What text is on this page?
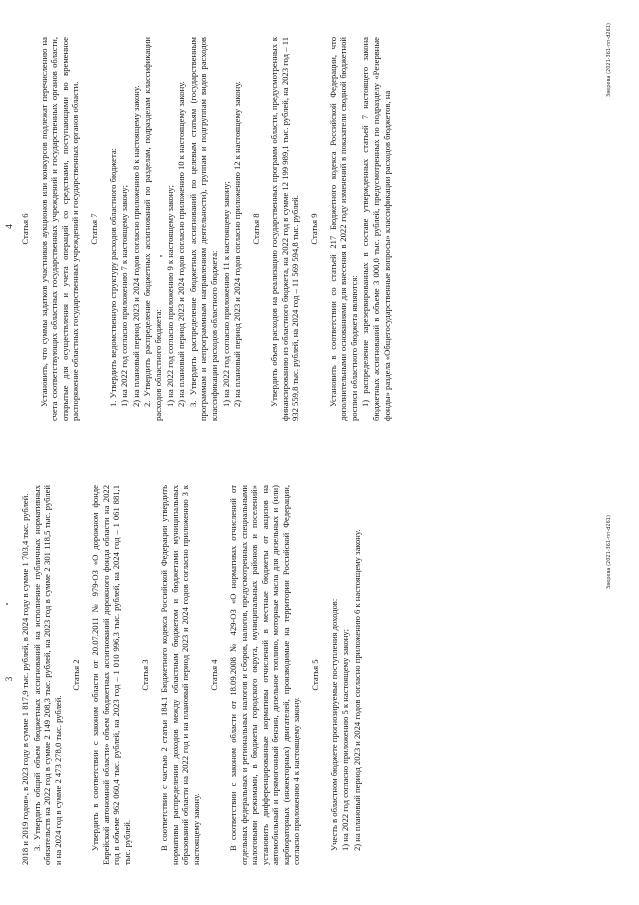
3 2018 и 2019 годов», в 2023 году в сумме 1 817,9 тыс. рублей, в 2024 году в сумме 1 703,4 тыс. рублей. 3. Утвердить общий объем бюджетных ассигнований на исполнение публичных нормативных обязательств на 2022 год в сумме 2 149 208,3 тыс. рублей, на 2023 год в сумме 2 301 118,5 тыс. рублей и на 2024 год в сумме 2 473 278,0 тыс. рублей.

Статья 2 Утвердить в соответствии с законом области от 20.07.2011 № 979-ОЗ «О дорожном фонде Еврейской автономной области» объем бюджетных ассигнований дорожного фонда области на 2022 год в объеме 962 060,4 тыс. рублей, на 2023 год – 1 010 996,3 тыс. рублей, на 2024 год – 1 061 881,1 тыс. рублей.

Статья 3 В соответствии с частью 2 статьи 184.1 Бюджетного кодекса Российской Федерации утвердить нормативы распределения доходов между областным бюджетом и бюджетами муниципальных образований области на 2022 год и на плановый период 2023 и 2024 годов согласно приложению 3 к настоящему закону.

Статья 4 В соответствии с законом области от 18.09.2008 № 429-ОЗ «О нормативах отчислений от отдельных федеральных и региональных налогов и сборов, налогов, предусмотренных специальными налоговыми режимами, в бюджеты городского округа, муниципальных районов и поселений» установить дифференцированные нормативы отчислений в местные бюджеты от акцизов на автомобильный и прямогонный бензин, дизельное топливо, моторные масла для дизельных и (или) карбюраторных (инжекторных) двигателей, производимые на территории Российской Федерации, согласно приложению 4 к настоящему закону.

Статья 5 Учесть в областном бюджете прогнозируемые поступления доходов: 1) на 2022 год согласно приложению 5 к настоящему закону; 2) на плановый период 2023 и 2024 годов согласно приложению 6 к настоящему закону.	Зверева (2021-361-пп-d261)
4 Статья 6 Установить, что суммы задатков участников аукционов или конкурсов подлежат перечислению на счета соответствующих областных государственных учреждений и государственных органов области, открытые для осуществления и учета операций со средствами, поступающими во временное распоряжение областных государственных учреждений и государственных органов области. Статья 7 1. Утвердить ведомственную структуру расходов областного бюджета: 1) на 2022 год согласно приложению 7 к настоящему закону; 2) на плановый период 2023 и 2024 годов согласно приложению 8 к настоящему закону. 2. Утвердить распределение бюджетных ассигнований по разделам, подразделам классификации расходов областного бюджета: 1) на 2022 год согласно приложению 9 к настоящему закону; 2) на плановый период 2023 и 2024 годов согласно приложению 10 к настоящему закону. 3. Утвердить распределение бюджетных ассигнований по целевым статьям (государственным программам и непрограммным направлениям деятельности), группам и подгруппам видов расходов классификации расходов областного бюджета: 1) на 2022 год согласно приложению 11 к настоящему закону; 2) на плановый период 2023 и 2024 годов согласно приложению 12 к настоящему закону. Статья 8 Утвердить объем расходов на реализацию государственных программ области, предусмотренных к финансированию из областного бюджета, на 2022 год в сумме 12 199 989,1 тыс. рублей, на 2023 год – 11 932 559,8 тыс. рублей, на 2024 год – 11 569 594,8 тыс. рублей. Статья 9 Установить в соответствии со статьей 217 Бюджетного кодекса Российской Федерации, что дополнительными основаниями для внесения в 2022 году изменений в показатели сводной бюджетной росписи областного бюджета являются: 1) распределение зарезервированных в составе утвержденных статьей 7 настоящего закона бюджетных ассигнований в объеме 3 000,0 тыс. рублей, предусмотренных по подразделу «Резервные фонды» раздела «Общегосударственные вопросы» классификации расходов бюджетов, на

Зверева (2021-361-пп-d261)
